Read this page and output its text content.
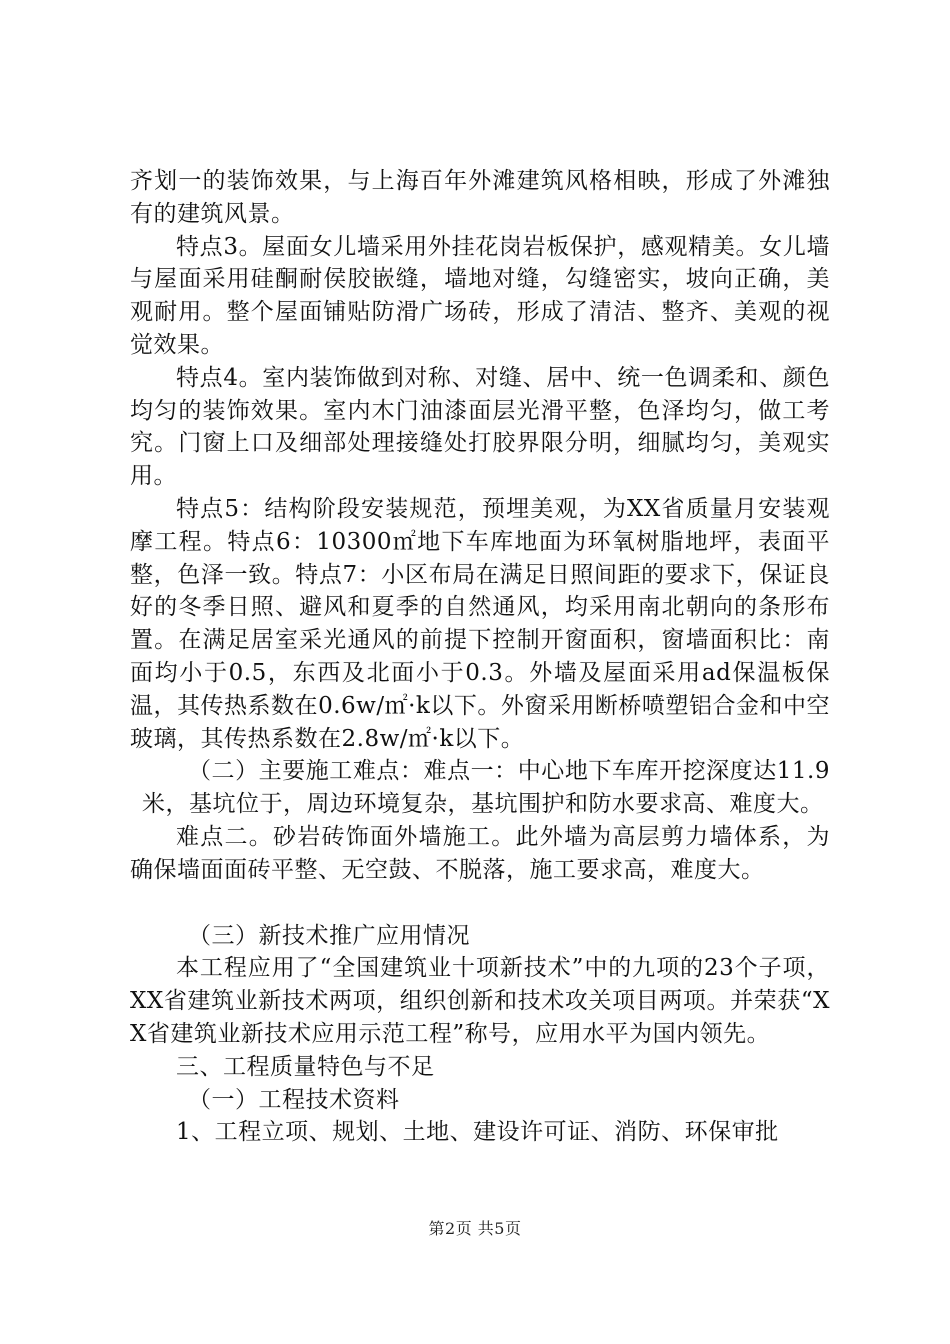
齐划一的装饰效果，与上海百年外滩建筑风格相映，形成了外滩独有的建筑风景。

特点3。屋面女儿墙采用外挂花岗岩板保护，感观精美。女儿墙与屋面采用硅酮耐侯胶嵌缝，墙地对缝，勾缝密实，坡向正确，美观耐用。整个屋面铺贴防滑广场砖，形成了清洁、整齐、美观的视觉效果。

特点4。室内装饰做到对称、对缝、居中、统一色调柔和、颜色均匀的装饰效果。室内木门油漆面层光滑平整，色泽均匀，做工考究。门窗上口及细部处理接缝处打胶界限分明，细腻均匀，美观实用。

特点5：结构阶段安装规范，预埋美观，为XX省质量月安装观摩工程。特点6：10300㎡地下车库地面为环氧树脂地坪，表面平整，色泽一致。特点7：小区布局在满足日照间距的要求下，保证良好的冬季日照、避风和夏季的自然通风，均采用南北朝向的条形布置。在满足居室采光通风的前提下控制开窗面积，窗墙面积比：南面均小于0.5，东西及北面小于0.3。外墙及屋面采用ad保温板保温，其传热系数在0.6w/㎡·k以下。外窗采用断桥喷塑铝合金和中空玻璃，其传热系数在2.8w/㎡·k以下。

（二）主要施工难点：难点一：中心地下车库开挖深度达11.9米，基坑位于，周边环境复杂，基坑围护和防水要求高、难度大。

难点二。砂岩砖饰面外墙施工。此外墙为高层剪力墙体系，为确保墙面面砖平整、无空鼓、不脱落，施工要求高，难度大。

（三）新技术推广应用情况

本工程应用了“全国建筑业十项新技术”中的九项的23个子项，XX省建筑业新技术两项，组织创新和技术攻关项目两项。并荣获“XX省建筑业新技术应用示范工程”称号，应用水平为国内领先。

三、工程质量特色与不足

（一）工程技术资料

1、工程立项、规划、土地、建设许可证、消防、环保审批

第2页 共5页
